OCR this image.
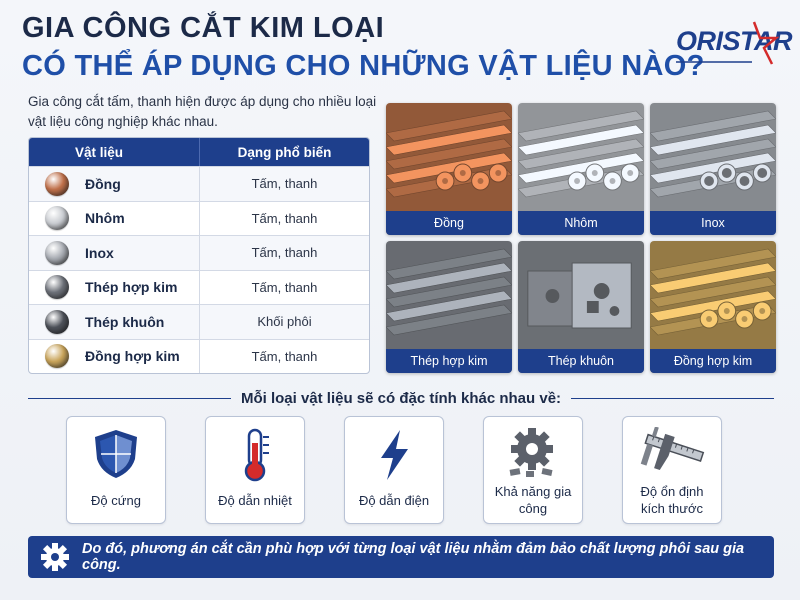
GIA CÔNG CẮT KIM LOẠI
CÓ THỂ ÁP DỤNG CHO NHỮNG VẬT LIỆU NÀO?
ORISTAR
Gia công cắt tấm, thanh hiện được áp dụng cho nhiều loại vật liệu công nghiệp khác nhau.
Vật liệu	Dạng phổ biến
Đồng	Tấm, thanh
Nhôm	Tấm, thanh
Inox	Tấm, thanh
Thép hợp kim	Tấm, thanh
Thép khuôn	Khối phôi
Đồng hợp kim	Tấm, thanh
Đồng	Nhôm	Inox
Thép hợp kim	Thép khuôn	Đồng hợp kim
Mỗi loại vật liệu sẽ có đặc tính khác nhau về:
Độ cứng	Độ dẫn nhiệt	Độ dẫn điện
Khả năng gia công
Độ ổn định kích thước
Do đó, phương án cắt cần phù hợp với từng loại vật liệu nhằm đảm bảo chất lượng phôi sau gia công.
